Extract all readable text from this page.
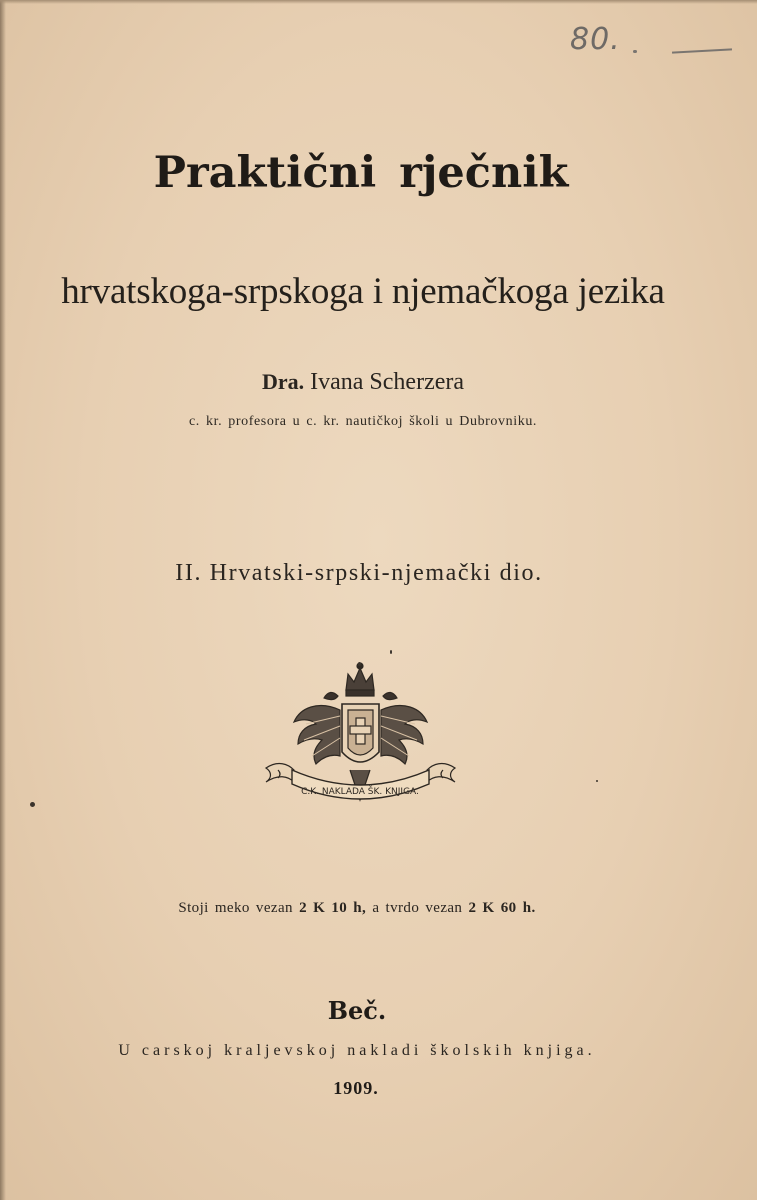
80.
Praktični rječnik
hrvatskoga-srpskoga i njemačkoga jezika
Dra. Ivana Scherzera
c. kr. profesora u c. kr. nautičkoj školi u Dubrovniku.
II. Hrvatski-srpski-njemački dio.
C.K. NAKLADA ŠK. KNJIGA.
Stoji meko vezan 2 K 10 h, a tvrdo vezan 2 K 60 h.
Beč.
U carskoj kraljevskoj nakladi školskih knjiga.
1909.
